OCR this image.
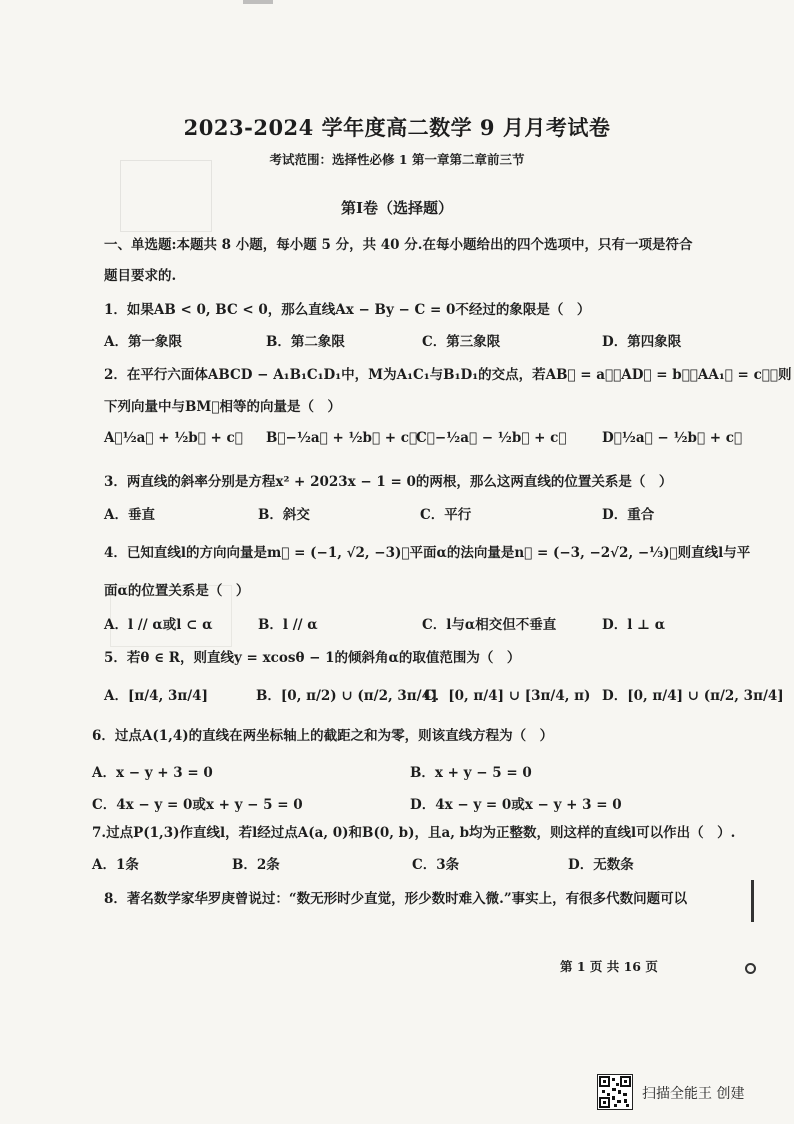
2023-2024 学年度高二数学 9 月月考试卷
考试范围：选择性必修 1 第一章第二章前三节
第Ⅰ卷（选择题）
一、单选题:本题共 8 小题，每小题 5 分，共 40 分.在每小题给出的四个选项中，只有一项是符合
题目要求的.
1．如果AB < 0, BC < 0，那么直线Ax − By − C = 0不经过的象限是（　）
A．第一象限	B．第二象限	C．第三象限	D．第四象限
2．在平行六面体ABCD − A₁B₁C₁D₁中，M为A₁C₁与B₁D₁的交点，若AB⃗ = a⃗，AD⃗ = b⃗，AA₁⃗ = c⃗，则
下列向量中与BM⃗相等的向量是（　）
A．½a⃗ + ½b⃗ + c⃗ B．−½a⃗ + ½b⃗ + c⃗
C．−½a⃗ − ½b⃗ + c⃗	D．½a⃗ − ½b⃗ + c⃗
3．两直线的斜率分别是方程x² + 2023x − 1 = 0的两根，那么这两直线的位置关系是（　）
A．垂直	B．斜交	C．平行	D．重合
4．已知直线l的方向向量是m⃗ = (−1, √2, −3)，平面α的法向量是n⃗ = (−3, −2√2, −⅓)，则直线l与平
面α的位置关系是（　）
A．l // α或l ⊂ α	B．l // α	C．l与α相交但不垂直	D．l ⊥ α
5．若θ ∈ R，则直线y = xcosθ − 1的倾斜角α的取值范围为（　）
A．[π/4, 3π/4]	B．[0, π/2) ∪ (π/2, 3π/4]
C．[0, π/4] ∪ [3π/4, π) D．[0, π/4] ∪ (π/2, 3π/4]
6．过点A(1,4)的直线在两坐标轴上的截距之和为零，则该直线方程为（　）
A．x − y + 3 = 0	B．x + y − 5 = 0
C．4x − y = 0或x + y − 5 = 0	D．4x − y = 0或x − y + 3 = 0
7.过点P(1,3)作直线l，若l经过点A(a, 0)和B(0, b)，且a, b均为正整数，则这样的直线l可以作出（　）.
A．1条	B．2条	C．3条	D．无数条
8．著名数学家华罗庚曾说过：“数无形时少直觉，形少数时难入微.”事实上，有很多代数问题可以
第 1 页 共 16 页
扫描全能王 创建
